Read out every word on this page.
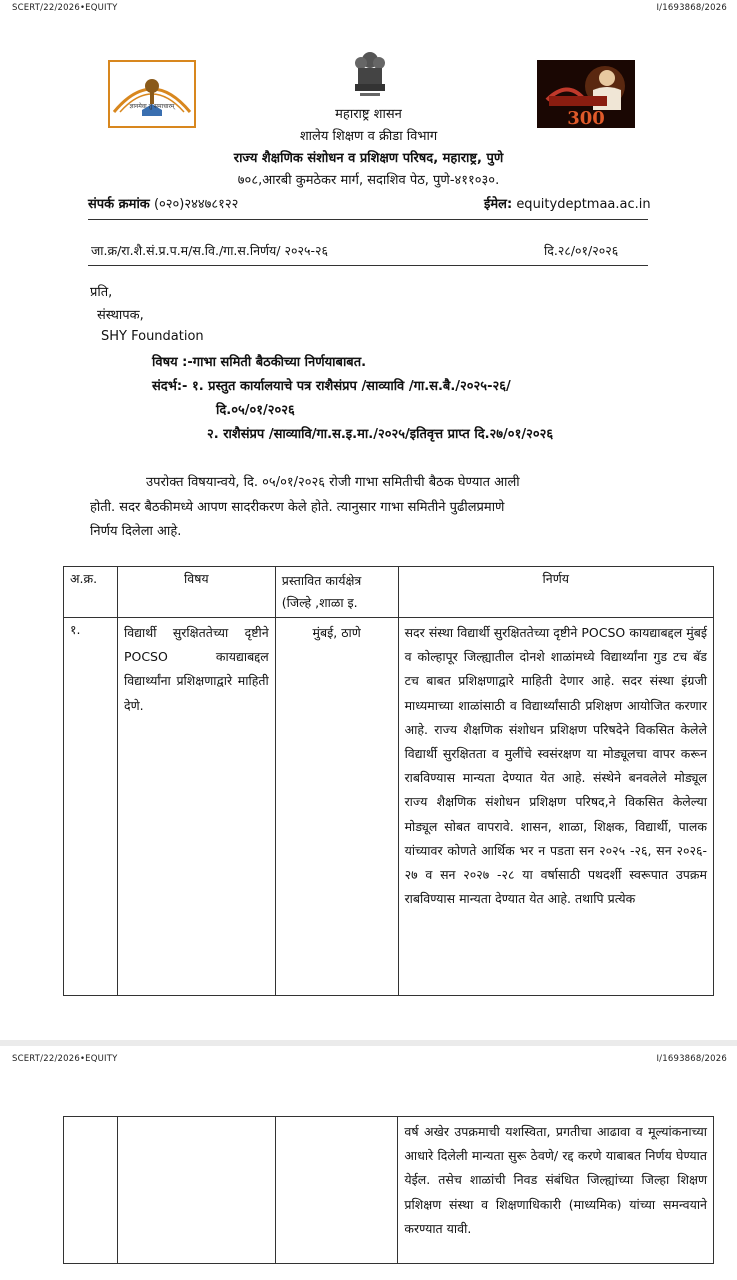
SCERT/22/2026•EQUITY	I/1693868/2026
ज्ञानमेवा तु समाचारम्
300
महाराष्ट्र शासन
शालेय शिक्षण व क्रीडा विभाग
राज्य शैक्षणिक संशोधन व प्रशिक्षण परिषद, महाराष्ट्र, पुणे
७०८,आरबी कुमठेकर मार्ग, सदाशिव पेठ, पुणे-४११०३०.
संपर्क क्रमांक (०२०)२४४७८१२२	ईमेल: equitydeptmaa.ac.in
जा.क्र/रा.शै.सं.प्र.प.म/स.वि./गा.स.निर्णय/ २०२५-२६	दि.२८/०१/२०२६
प्रति,
संस्थापक,
SHY Foundation
विषय :-गाभा समिती बैठकीच्या निर्णयाबाबत.
संदर्भ:- १. प्रस्तुत कार्यालयाचे पत्र राशैसंप्रप /साव्यावि /गा.स.बै./२०२५-२६/
दि.०५/०१/२०२६
२. राशैसंप्रप /साव्यावि/गा.स.इ.मा./२०२५/इतिवृत्त प्राप्त दि.२७/०१/२०२६
उपरोक्त विषयान्वये, दि. ०५/०१/२०२६ रोजी गाभा समितीची बैठक घेण्यात आली
होती. सदर बैठकीमध्ये आपण सादरीकरण केले होते. त्यानुसार गाभा समितीने पुढीलप्रमाणे
निर्णय दिलेला आहे.
अ.क्र.	विषय	प्रस्तावित कार्यक्षेत्र (जिल्हे ,शाळा इ.	निर्णय
१.	विद्यार्थी सुरक्षिततेच्या दृष्टीने POCSO कायद्याबद्दल विद्यार्थ्यांना प्रशिक्षणाद्वारे माहिती देणे.	मुंबई, ठाणे	सदर संस्था विद्यार्थी सुरक्षिततेच्या दृष्टीने POCSO कायद्याबद्दल मुंबई व कोल्हापूर जिल्ह्यातील दोनशे शाळांमध्ये विद्यार्थ्यांना गुड टच बॅड टच बाबत प्रशिक्षणाद्वारे माहिती देणार आहे. सदर संस्था इंग्रजी माध्यमाच्या शाळांसाठी व विद्यार्थ्यांसाठी प्रशिक्षण आयोजित करणार आहे. राज्य शैक्षणिक संशोधन प्रशिक्षण परिषदेने विकसित केलेले विद्यार्थी सुरक्षितता व मुलींचे स्वसंरक्षण या मोड्यूलचा वापर करून राबविण्यास मान्यता देण्यात येत आहे. संस्थेने बनवलेले मोड्यूल राज्य शैक्षणिक संशोधन प्रशिक्षण परिषद,ने विकसित केलेल्या मोड्यूल सोबत वापरावे. शासन, शाळा, शिक्षक, विद्यार्थी, पालक यांच्यावर कोणते आर्थिक भर न पडता सन २०२५ -२६, सन २०२६- २७ व सन २०२७ -२८ या वर्षासाठी पथदर्शी स्वरूपात उपक्रम राबविण्यास मान्यता देण्यात येत आहे. तथापि प्रत्येक
SCERT/22/2026•EQUITY	I/1693868/2026
			वर्ष अखेर उपक्रमाची यशस्विता, प्रगतीचा आढावा व मूल्यांकनाच्या आधारे दिलेली मान्यता सुरू ठेवणे/ रद्द करणे याबाबत निर्णय घेण्यात येईल. तसेच शाळांची निवड संबंधित जिल्ह्यांच्या जिल्हा शिक्षण प्रशिक्षण संस्था व शिक्षणाधिकारी (माध्यमिक) यांच्या समन्वयाने करण्यात यावी.
